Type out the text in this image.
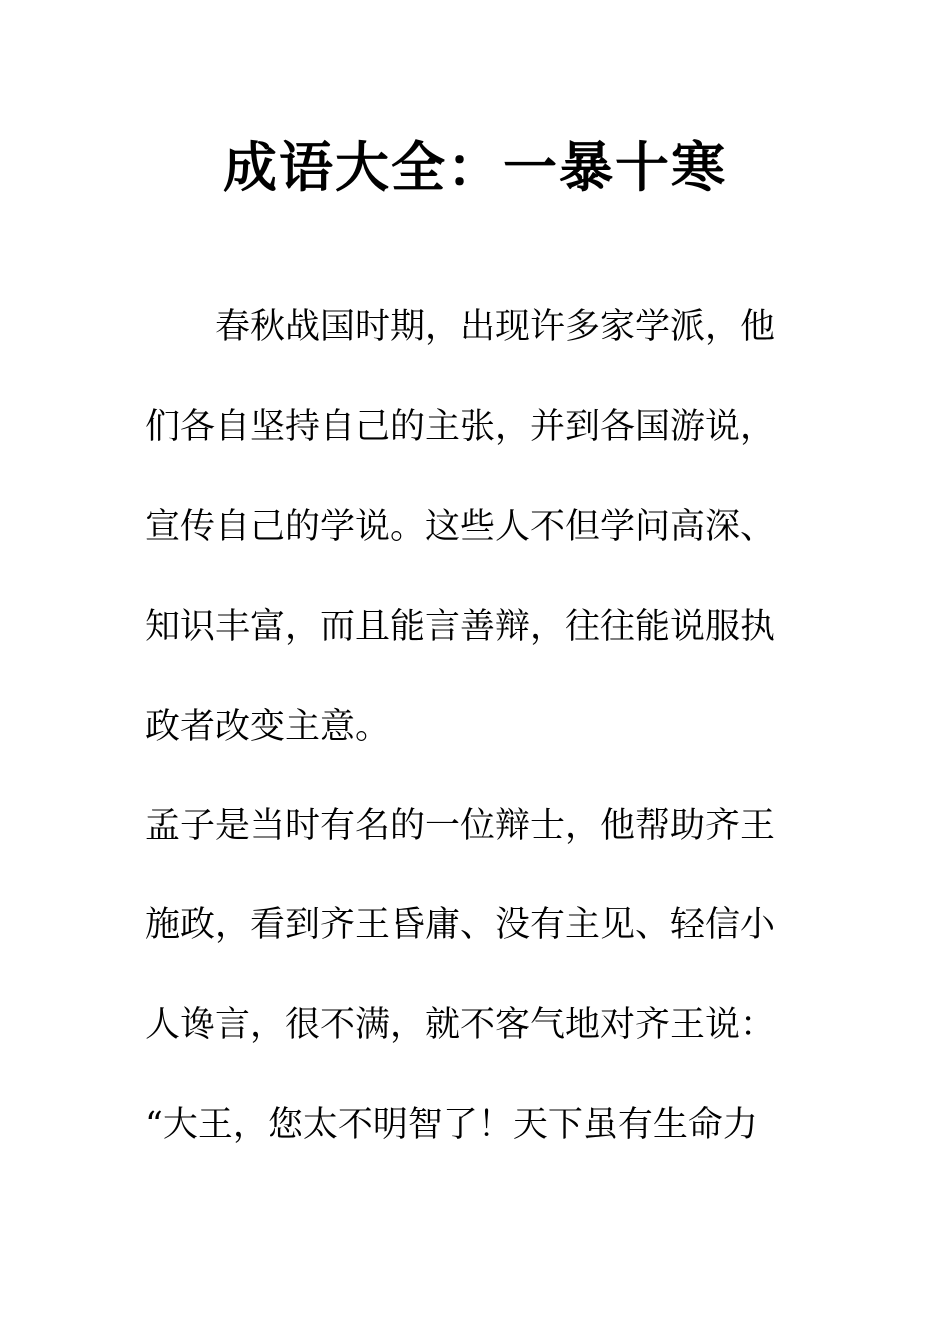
成语大全：一暴十寒

　　春秋战国时期，出现许多家学派，他

们各自坚持自己的主张，并到各国游说，

宣传自己的学说。这些人不但学问高深、

知识丰富，而且能言善辩，往往能说服执

政者改变主意。

孟子是当时有名的一位辩士，他帮助齐王

施政，看到齐王昏庸、没有主见、轻信小

人谗言，很不满，就不客气地对齐王说：

“大王，您太不明智了！天下虽有生命力
